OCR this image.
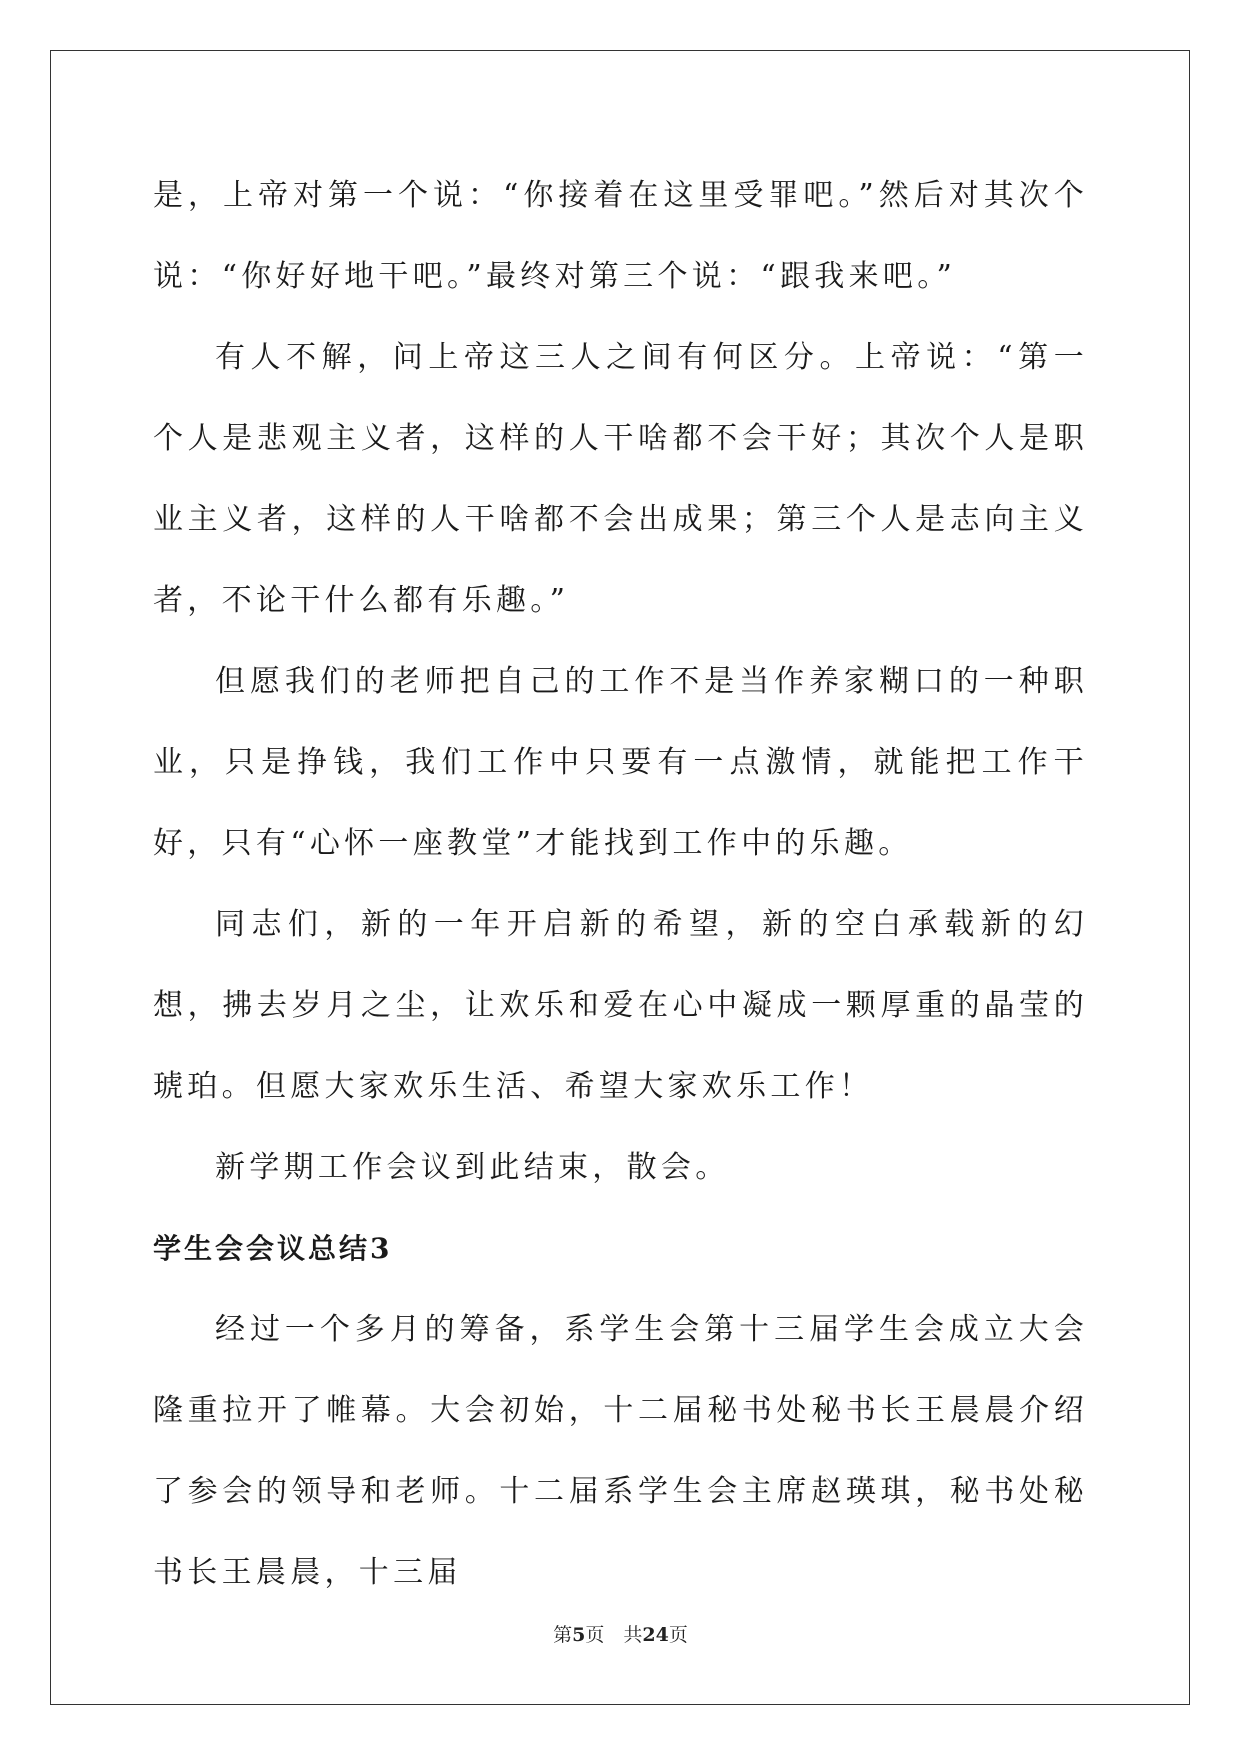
是，上帝对第一个说：“你接着在这里受罪吧。”然后对其次个说：“你好好地干吧。”最终对第三个说：“跟我来吧。”

有人不解，问上帝这三人之间有何区分。上帝说：“第一个人是悲观主义者，这样的人干啥都不会干好；其次个人是职业主义者，这样的人干啥都不会出成果；第三个人是志向主义者，不论干什么都有乐趣。”

但愿我们的老师把自己的工作不是当作养家糊口的一种职业，只是挣钱，我们工作中只要有一点激情，就能把工作干好，只有“心怀一座教堂”才能找到工作中的乐趣。

同志们，新的一年开启新的希望，新的空白承载新的幻想，拂去岁月之尘，让欢乐和爱在心中凝成一颗厚重的晶莹的琥珀。但愿大家欢乐生活、希望大家欢乐工作！

新学期工作会议到此结束，散会。

学生会会议总结3

经过一个多月的筹备，系学生会第十三届学生会成立大会隆重拉开了帷幕。大会初始，十二届秘书处秘书长王晨晨介绍了参会的领导和老师。十二届系学生会主席赵瑛琪，秘书处秘书长王晨晨，十三届

第5页　共24页
